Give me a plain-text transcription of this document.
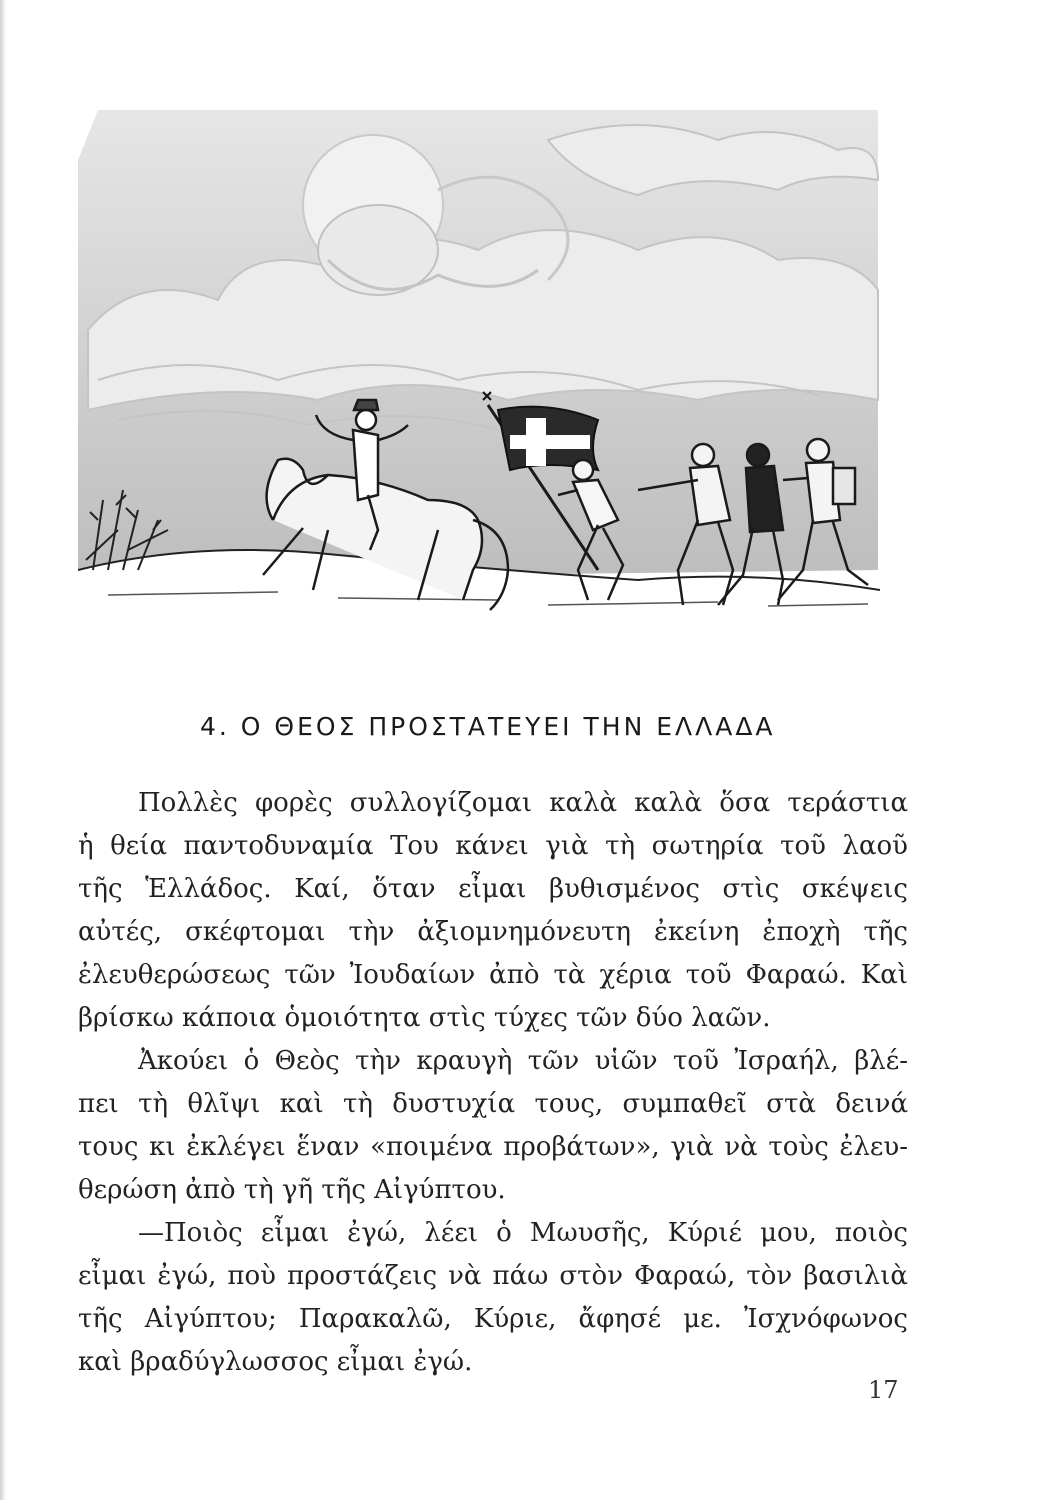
4. Ο ΘΕΟΣ ΠΡΟΣΤΑΤΕΥΕΙ ΤΗΝ ΕΛΛΑΔΑ
Πολλὲς φορὲς συλλογίζομαι καλὰ καλὰ ὅσα τεράστια
ἡ θεία παντοδυναμία Του κάνει γιὰ τὴ σωτηρία τοῦ λαοῦ
τῆς Ἑλλάδος. Καί, ὅταν εἶμαι βυθισμένος στὶς σκέψεις
αὐτές, σκέφτομαι τὴν ἀξιομνημόνευτη ἐκείνη ἐποχὴ τῆς
ἐλευθερώσεως τῶν Ἰουδαίων ἀπὸ τὰ χέρια τοῦ Φαραώ. Καὶ
βρίσκω κάποια ὁμοιότητα στὶς τύχες τῶν δύο λαῶν.
Ἀκούει ὁ Θεὸς τὴν κραυγὴ τῶν υἱῶν τοῦ Ἰσραήλ, βλέ-
πει τὴ θλῖψι καὶ τὴ δυστυχία τους, συμπαθεῖ στὰ δεινά
τους κι ἐκλέγει ἕναν «ποιμένα προβάτων», γιὰ νὰ τοὺς ἐλευ-
θερώση ἀπὸ τὴ γῆ τῆς Αἰγύπτου.
—Ποιὸς εἶμαι ἐγώ, λέει ὁ Μωυσῆς, Κύριέ μου, ποιὸς
εἶμαι ἐγώ, ποὺ προστάζεις νὰ πάω στὸν Φαραώ, τὸν βασιλιὰ
τῆς Αἰγύπτου; Παρακαλῶ, Κύριε, ἄφησέ με. Ἰσχνόφωνος
καὶ βραδύγλωσσος εἶμαι ἐγώ.
17
